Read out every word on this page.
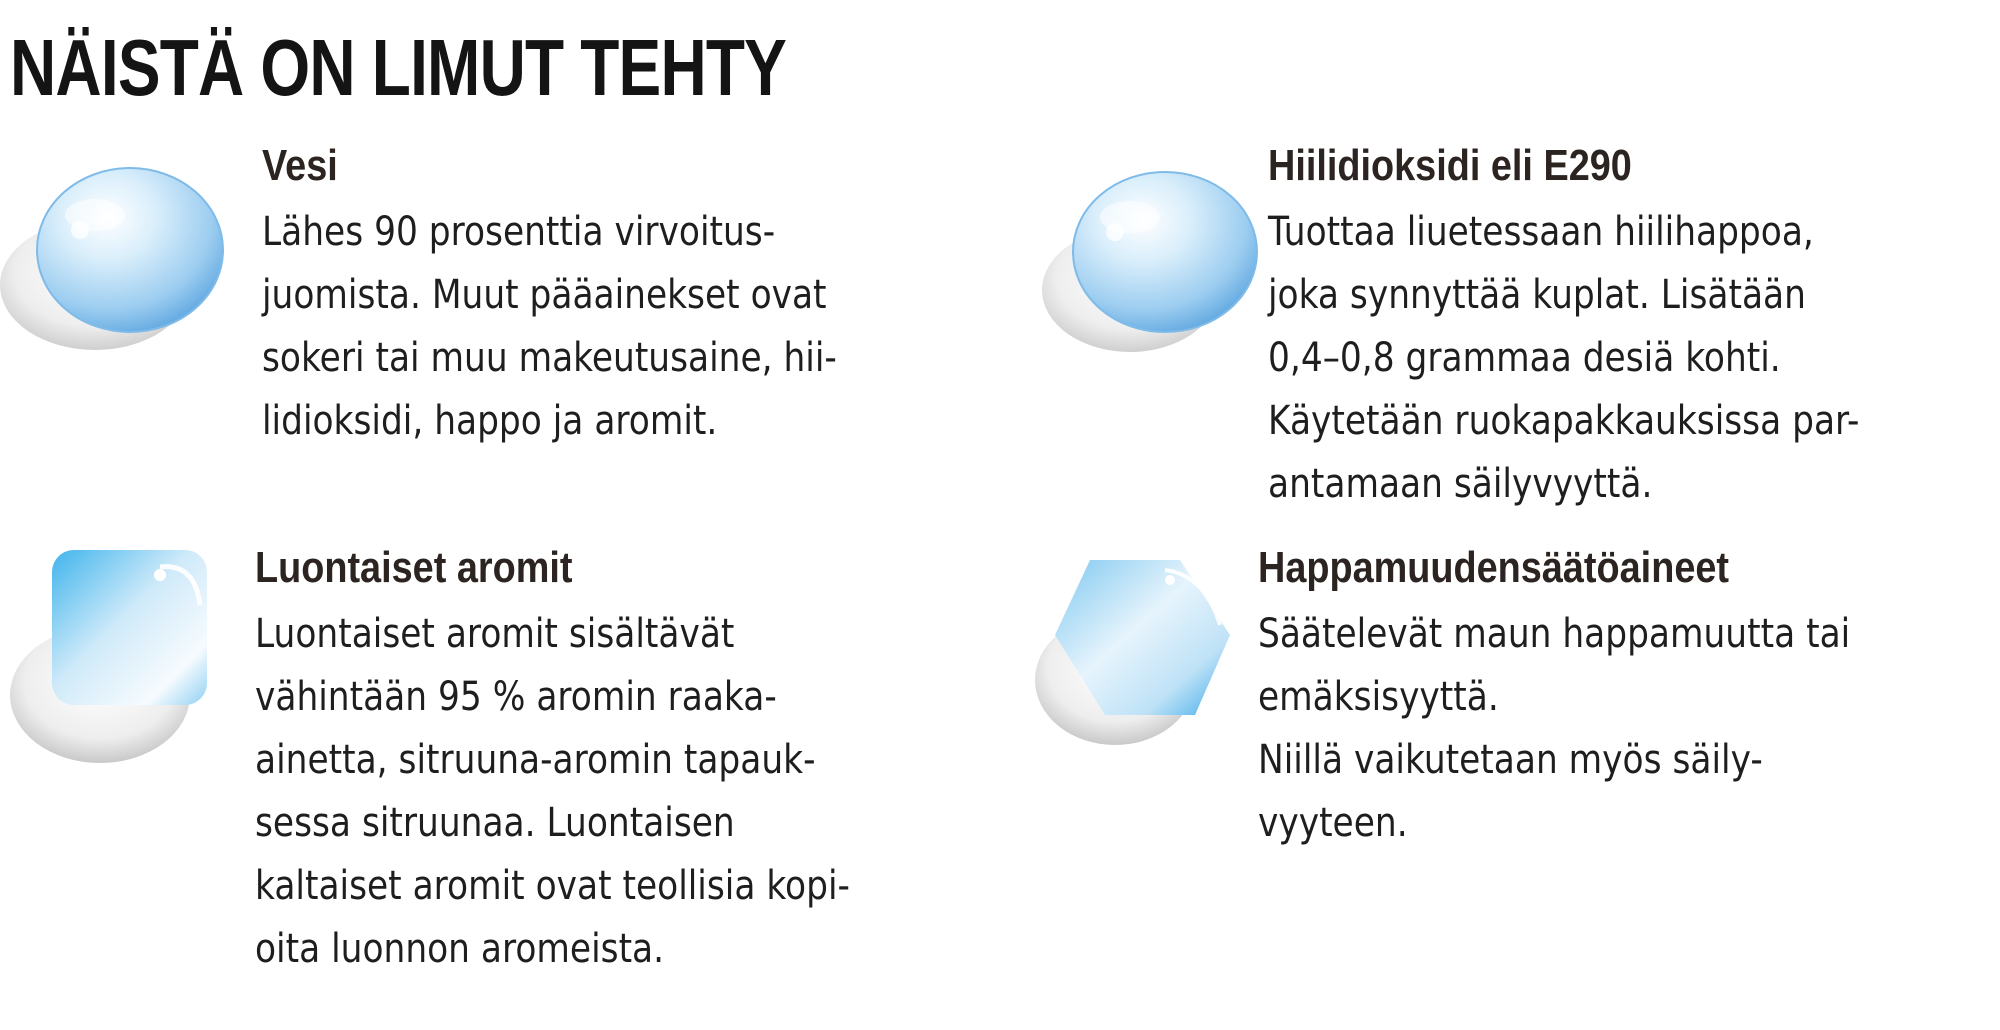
NÄISTÄ ON LIMUT TEHTY
Vesi
Lähes 90 prosenttia virvoitus-
juomista. Muut pääainekset ovat
sokeri tai muu makeutusaine, hii-
lidioksidi, happo ja aromit.
Hiilidioksidi eli E290
Tuottaa liuetessaan hiilihappoa,
joka synnyttää kuplat. Lisätään
0,4–0,8 grammaa desiä kohti.
Käytetään ruokapakkauksissa par-
antamaan säilyvyyttä.
Luontaiset aromit
Luontaiset aromit sisältävät
vähintään 95 % aromin raaka-
ainetta, sitruuna-aromin tapauk-
sessa sitruunaa. Luontaisen
kaltaiset aromit ovat teollisia kopi-
oita luonnon aromeista.
Happamuudensäätöaineet
Säätelevät maun happamuutta tai
emäksisyyttä.
Niillä vaikutetaan myös säily-
vyyteen.
